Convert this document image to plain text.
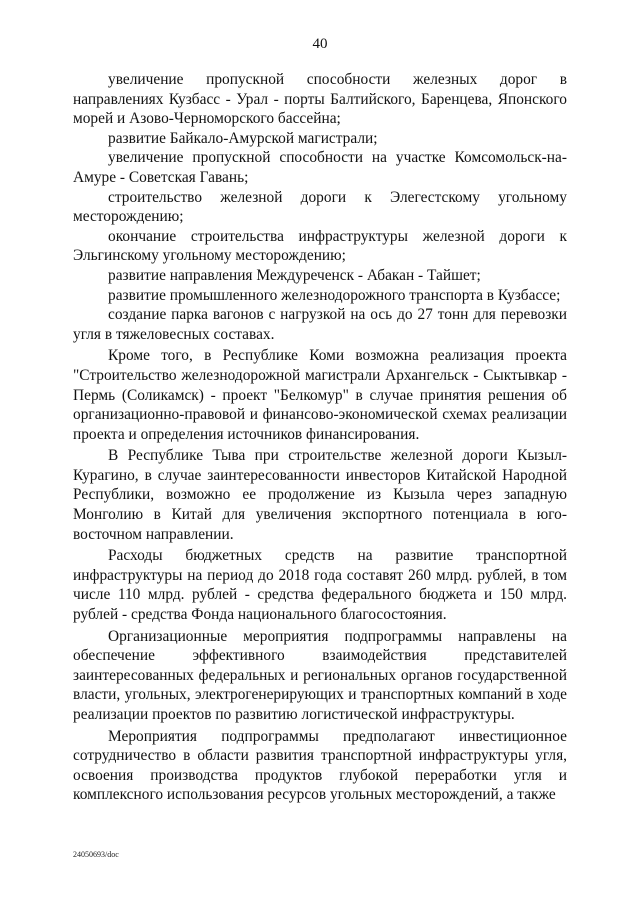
40

увеличение пропускной способности железных дорог в направлениях Кузбасс - Урал - порты Балтийского, Баренцева, Японского морей и Азово-Черноморского бассейна;

развитие Байкало-Амурской магистрали;

увеличение пропускной способности на участке Комсомольск-на-Амуре - Советская Гавань;

строительство железной дороги к Элегестскому угольному месторождению;

окончание строительства инфраструктуры железной дороги к Эльгинскому угольному месторождению;

развитие направления Междуреченск - Абакан - Тайшет;

развитие промышленного железнодорожного транспорта в Кузбассе;

создание парка вагонов с нагрузкой на ось до 27 тонн для перевозки угля в тяжеловесных составах.

Кроме того, в Республике Коми возможна реализация проекта "Строительство железнодорожной магистрали Архангельск - Сыктывкар - Пермь (Соликамск) - проект "Белкомур" в случае принятия решения об организационно-правовой и финансово-экономической схемах реализации проекта и определения источников финансирования.

В Республике Тыва при строительстве железной дороги Кызыл-Курагино, в случае заинтересованности инвесторов Китайской Народной Республики, возможно ее продолжение из Кызыла через западную Монголию в Китай для увеличения экспортного потенциала в юго-восточном направлении.

Расходы бюджетных средств на развитие транспортной инфраструктуры на период до 2018 года составят 260 млрд. рублей, в том числе 110 млрд. рублей - средства федерального бюджета и 150 млрд. рублей - средства Фонда национального благосостояния.

Организационные мероприятия подпрограммы направлены на обеспечение эффективного взаимодействия представителей заинтересованных федеральных и региональных органов государственной власти, угольных, электрогенерирующих и транспортных компаний в ходе реализации проектов по развитию логистической инфраструктуры.

Мероприятия подпрограммы предполагают инвестиционное сотрудничество в области развития транспортной инфраструктуры угля, освоения производства продуктов глубокой переработки угля и комплексного использования ресурсов угольных месторождений, а также

24050693/doc
